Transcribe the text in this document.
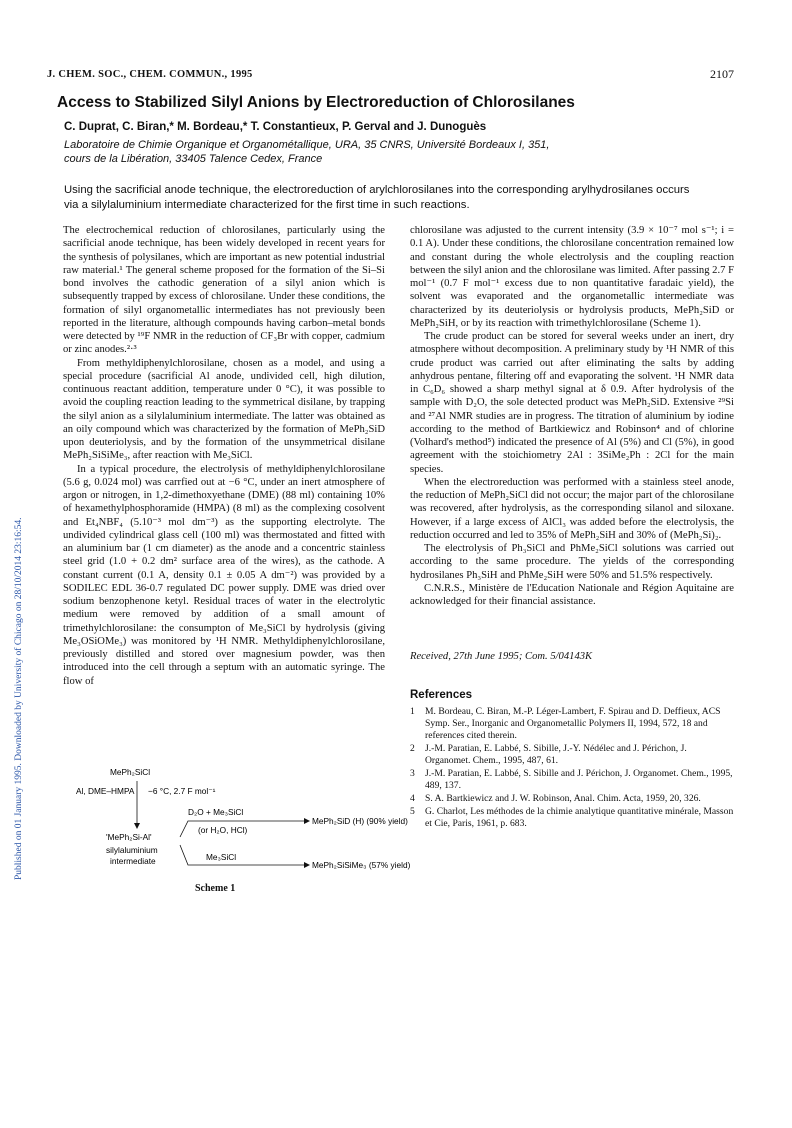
Published on 01 January 1995. Downloaded by University of Chicago on 28/10/2014 23:16:54.
J. CHEM. SOC., CHEM. COMMUN., 1995	2107
Access to Stabilized Silyl Anions by Electroreduction of Chlorosilanes
C. Duprat, C. Biran,* M. Bordeau,* T. Constantieux, P. Gerval and J. Dunoguès
Laboratoire de Chimie Organique et Organométallique, URA, 35 CNRS, Université Bordeaux I, 351,
cours de la Libération, 33405 Talence Cedex, France
Using the sacrificial anode technique, the electroreduction of arylchlorosilanes into the corresponding arylhydrosilanes occurs via a silylaluminium intermediate characterized for the first time in such reactions.

The electrochemical reduction of chlorosilanes, particularly using the sacrificial anode technique, has been widely developed in recent years for the synthesis of polysilanes, which are important as new potential industrial raw material.¹ The general scheme proposed for the formation of the Si–Si bond involves the cathodic generation of a silyl anion which is subsequently trapped by excess of chlorosilane. Under these conditions, the formation of silyl organometallic intermediates has not previously been reported in the literature, although compounds having carbon–metal bonds were detected by ¹⁹F NMR in the reduction of CF₃Br with copper, cadmium or zinc anodes.²·³

From methyldiphenylchlorosilane, chosen as a model, and using a special procedure (sacrificial Al anode, undivided cell, high dilution, continuous reactant addition, temperature under 0 °C), it was possible to avoid the coupling reaction leading to the symmetrical disilane, by trapping the silyl anion as a silylaluminium intermediate. The latter was obtained as an oily compound which was characterized by the formation of MePh₂SiD upon deuteriolysis, and by the formation of the unsymmetrical disilane MePh₂SiSiMe₃, after reaction with Me₃SiCl.

In a typical procedure, the electrolysis of methyldiphenylchlorosilane (5.6 g, 0.024 mol) was carrfied out at −6 °C, under an inert atmosphere of argon or nitrogen, in 1,2-dimethoxyethane (DME) (88 ml) containing 10% of hexamethylphosphoramide (HMPA) (8 ml) as the complexing cosolvent and Et₄NBF₄ (5.10⁻³ mol dm⁻³) as the supporting electrolyte. The undivided cylindrical glass cell (100 ml) was thermostated and fitted with an aluminium bar (1 cm diameter) as the anode and a concentric stainless steel grid (1.0 + 0.2 dm² surface area of the wires), as the cathode. A constant current (0.1 A, density 0.1 ± 0.05 A dm⁻²) was provided by a SODILEC EDL 36-0.7 regulated DC power supply. DME was dried over sodium benzophenone ketyl. Residual traces of water in the electrolytic medium were removed by addition of a small amount of trimethylchlorosilane: the consumpton of Me₃SiCl by hydrolysis (giving Me₃OSiOMe₃) was monitored by ¹H NMR. Methyldiphenylchlorosilane, previously distilled and stored over magnesium powder, was then introduced into the cell through a septum with an automatic syringe. The flow of

chlorosilane was adjusted to the current intensity (3.9 × 10⁻⁷ mol s⁻¹; i = 0.1 A). Under these conditions, the chlorosilane concentration remained low and constant during the whole electrolysis and the coupling reaction between the silyl anion and the chlorosilane was limited. After passing 2.7 F mol⁻¹ (0.7 F mol⁻¹ excess due to non quantitative faradaic yield), the solvent was evaporated and the organometallic intermediate was characterized by its deuteriolysis or hydrolysis products, MePh₂SiD or MePh₂SiH, or by its reaction with trimethylchlorosilane (Scheme 1).

The crude product can be stored for several weeks under an inert, dry atmosphere without decomposition. A preliminary study by ¹H NMR of this crude product was carried out after eliminating the salts by adding anhydrous pentane, filtering off and evaporating the solvent. ¹H NMR data in C₆D₆ showed a sharp methyl signal at δ 0.9. After hydrolysis of the sample with D₂O, the sole detected product was MePh₂SiD. Extensive ²⁹Si and ²⁷Al NMR studies are in progress. The titration of aluminium by iodine according to the method of Bartkiewicz and Robinson⁴ and of chlorine (Volhard's method⁵) indicated the presence of Al (5%) and Cl (5%), in good agreement with the stoichiometry 2Al : 3SiMe₂Ph : 2Cl for the main species.

When the electroreduction was performed with a stainless steel anode, the reduction of MePh₂SiCl did not occur; the major part of the chlorosilane was recovered, after hydrolysis, as the corresponding silanol and siloxane. However, if a large excess of AlCl₃ was added before the electrolysis, the reduction occurred and led to 35% of MePh₂SiH and 30% of (MePh₂Si)₂.

The electrolysis of Ph₃SiCl and PhMe₂SiCl solutions was carried out according to the same procedure. The yields of the corresponding hydrosilanes Ph₃SiH and PhMe₂SiH were 50% and 51.5% respectively.

C.N.R.S., Ministère de l'Education Nationale and Région Aquitaine are acknowledged for their financial assistance.

Received, 27th June 1995; Com. 5/04143K
References
1 M. Bordeau, C. Biran, M.-P. Léger-Lambert, F. Spirau and D. Deffieux, ACS Symp. Ser., Inorganic and Organometallic Polymers II, 1994, 572, 18 and references cited therein.
2 J.-M. Paratian, E. Labbé, S. Sibille, J.-Y. Nédélec and J. Périchon, J. Organomet. Chem., 1995, 487, 61.
3 J.-M. Paratian, E. Labbé, S. Sibille and J. Périchon, J. Organomet. Chem., 1995, 489, 137.
4 S. A. Bartkiewicz and J. W. Robinson, Anal. Chim. Acta, 1959, 20, 326.
5 G. Charlot, Les méthodes de la chimie analytique quantitative minérale, Masson et Cie, Paris, 1961, p. 683.
MePh₂SiCl
Al, DME–HMPA −6 °C, 2.7 F mol⁻¹
'MePh₂Si-Al'
silylaluminium
intermediate
D₂O + Me₃SiCl
(or H₂O, HCl)
MePh₂SiD (H) (90% yield)
Me₃SiCl
MePh₂SiSiMe₃ (57% yield)
Scheme 1
